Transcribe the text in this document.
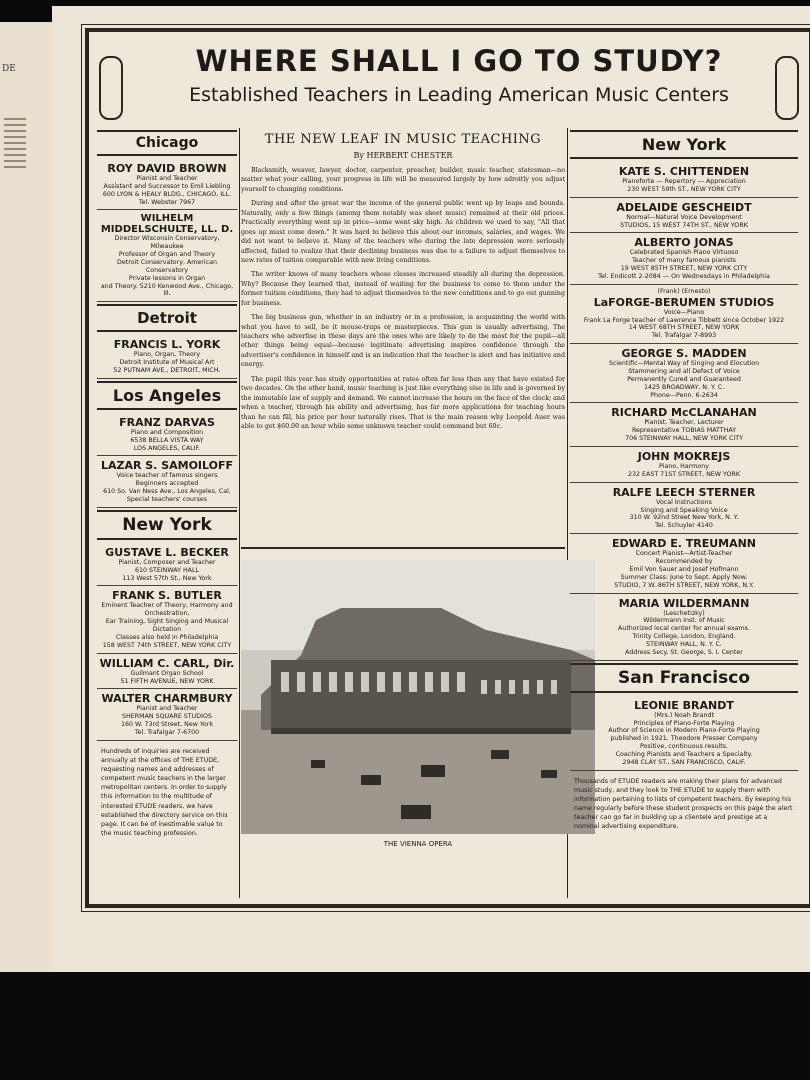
DE	WHERE SHALL I GO TO STUDY?
Established Teachers in Leading American Music Centers
Chicago
ROY DAVID BROWN
Pianist and Teacher
Assistant and Successor to Emil Liebling
600 LYON & HEALY BLDG., CHICAGO, ILL.
Tel. Webster 7967
WILHELM MIDDELSCHULTE, LL. D.
Director Wisconsin Conservatory, Milwaukee
Professor of Organ and Theory
Detroit Conservatory, American Conservatory
Private lessons in Organ
and Theory. 5210 Kenwood Ave., Chicago, Ill.
Detroit
FRANCIS L. YORK
Piano, Organ, Theory
Detroit Institute of Musical Art
52 PUTNAM AVE., DETROIT, MICH.
Los Angeles
FRANZ DARVAS
Piano and Composition
6538 BELLA VISTA WAY
LOS ANGELES, CALIF.
LAZAR S. SAMOILOFF
Voice teacher of famous singers
Beginners accepted
610 So. Van Ness Ave., Los Angeles, Cal.
Special teachers' courses
New York
GUSTAVE L. BECKER
Pianist, Composer and Teacher
610 STEINWAY HALL
113 West 57th St., New York
FRANK S. BUTLER
Eminent Teacher of Theory, Harmony and Orchestration,
Ear Training, Sight Singing and Musical Dictation
Classes also held in Philadelphia
158 WEST 74th STREET, NEW YORK CITY
WILLIAM C. CARL, Dir.
Guilmant Organ School
51 FIFTH AVENUE, NEW YORK
WALTER CHARMBURY
Pianist and Teacher
SHERMAN SQUARE STUDIOS
160 W. 73rd Street, New York
Tel. Trafalgar 7-6700
Hundreds of inquiries are received annually at the offices of THE ETUDE, requesting names and addresses of competent music teachers in the larger metropolitan centers. In order to supply this information to the multitude of interested ETUDE readers, we have established the directory service on this page. It can be of inestimable value to the music teaching profession.
THE NEW LEAF IN MUSIC TEACHING
By HERBERT CHESTER

Blacksmith, weaver, lawyer, doctor, carpenter, preacher, builder, music teacher, statesman—no matter what your calling, your progress in life will be measured largely by how adroitly you adjust yourself to changing conditions.

During and after the great war the income of the general public went up by leaps and bounds. Naturally, only a few things (among them notably was sheet music) remained at their old prices. Practically everything went up in price—some went sky high. As children we used to say, "All that goes up must come down." It was hard to believe this about our incomes, salaries, and wages. We did not want to believe it. Many of the teachers who during the late depression were seriously affected, failed to realize that their declining business was due to a failure to adjust themselves to new rates of tuition comparable with new living conditions.

The writer knows of many teachers whose classes increased steadily all during the depression. Why? Because they learned that, instead of waiting for the business to come to them under the former tuition conditions, they had to adjust themselves to the new conditions and to go out gunning for business.

The big business gun, whether in an industry or in a profession, is acquainting the world with what you have to sell, be it mouse-traps or masterpieces. This gun is usually advertising. The teachers who advertise in these days are the ones who are likely to do the most for the pupil—all other things being equal—because legitimate advertising inspires confidence through the advertiser's confidence in himself and is an indication that the teacher is alert and has initiative and energy.

The pupil this year has study opportunities at rates often far less than any that have existed for two decades. On the other hand, music teaching is just like everything else in life and is governed by the immutable law of supply and demand. We cannot increase the hours on the face of the clock; and when a teacher, through his ability and advertising, has far more applications for teaching hours than he can fill, his price per hour naturally rises. That is the main reason why Leopold Auer was able to get $60.00 an hour while some unknown teacher could command but 60c.

THE VIENNA OPERA
New York
KATE S. CHITTENDEN
Pianoforte — Repertory — Appreciation
230 WEST 59th ST., NEW YORK CITY
ADELAIDE GESCHEIDT
Normal—Natural Voice Development
STUDIOS, 15 WEST 74TH ST., NEW YORK
ALBERTO JONAS
Celebrated Spanish Piano Virtuoso
Teacher of many famous pianists
19 WEST 85TH STREET, NEW YORK CITY
Tel. Endicott 2-2084 — On Wednesdays in Philadelphia
(Frank) (Ernesto)
LaFORGE-BERUMEN STUDIOS
Voice—Piano
Frank La Forge teacher of Lawrence Tibbett since October 1922
14 WEST 68TH STREET, NEW YORK
Tel. Trafalgar 7-8993
GEORGE S. MADDEN
Scientific—Mental Way of Singing and Elocution
Stammering and all Defect of Voice
Permanently Cured and Guaranteed
1425 BROADWAY, N. Y. C.
Phone—Penn. 6-2634
RICHARD McCLANAHAN
Pianist, Teacher, Lecturer
Representative TOBIAS MATTHAY
706 STEINWAY HALL, NEW YORK CITY
JOHN MOKREJS
Piano, Harmony
232 EAST 71ST STREET, NEW YORK
RALFE LEECH STERNER
Vocal Instructions
Singing and Speaking Voice
310 W. 92nd Street New York, N. Y.
Tel. Schuyler 4140
EDWARD E. TREUMANN
Concert Pianist—Artist-Teacher
Recommended by
Emil Von Sauer and Josef Hofmann
Summer Class: June to Sept. Apply Now.
STUDIO, 7 W. 86TH STREET, NEW YORK, N.Y.
MARIA WILDERMANN
(Leschetizky)
Wildermann Inst. of Music
Authorized local center for annual exams.
Trinity College, London, England.
STEINWAY HALL, N. Y. C.
Address Secy. St. George, S. I. Center
San Francisco
LEONIE BRANDT
(Mrs.) Noah Brandt
Principles of Piano-Forte Playing
Author of Science in Modern Piano-Forte Playing
published in 1921. Theodore Presser Company
Positive, continuous results.
Coaching Pianists and Teachers a Specialty.
2948 CLAY ST., SAN FRANCISCO, CALIF.
Thousands of ETUDE readers are making their plans for advanced music study, and they look to THE ETUDE to supply them with information pertaining to lists of competent teachers. By keeping his name regularly before these student prospects on this page the alert teacher can go far in building up a clientele and prestige at a nominal advertising expenditure.
